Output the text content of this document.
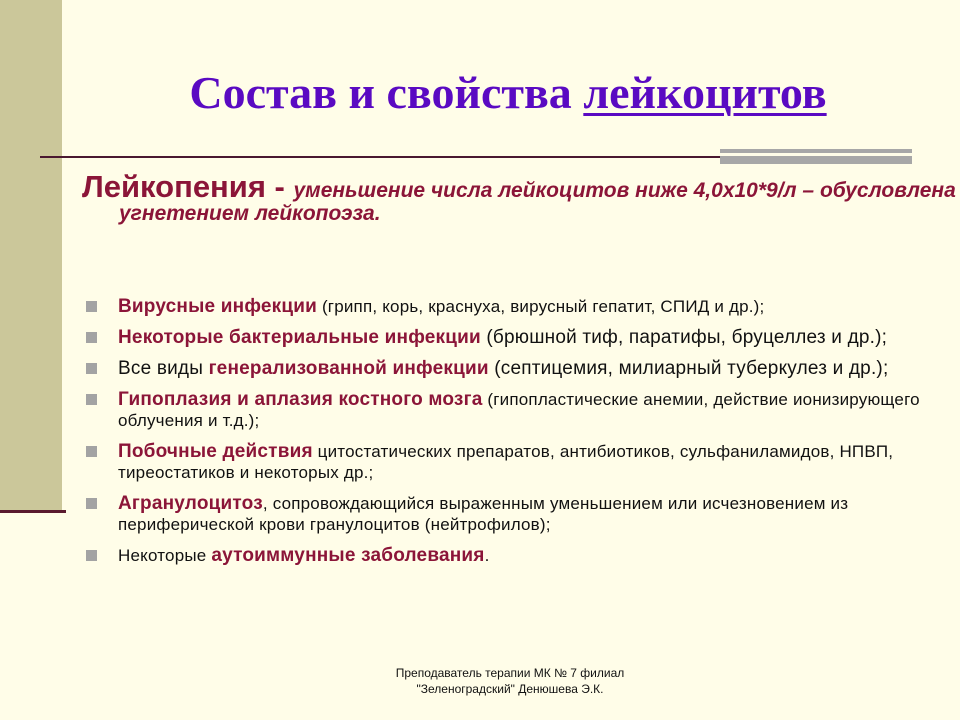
Состав и свойства лейкоцитов

Лейкопения - уменьшение числа лейкоцитов ниже 4,0х10*9/л – обусловлена угнетением лейкопоэза.

Вирусные инфекции (грипп, корь, краснуха, вирусный гепатит, СПИД и др.);
Некоторые бактериальные инфекции (брюшной тиф, паратифы, бруцеллез и др.);
Все виды генерализованной инфекции (септицемия, милиарный туберкулез и др.);
Гипоплазия и аплазия костного мозга (гипопластические анемии, действие ионизирующего облучения и т.д.);
Побочные действия цитостатических препаратов, антибиотиков, сульфаниламидов, НПВП, тиреостатиков и некоторых др.;
Агранулоцитоз, сопровождающийся выраженным уменьшением или исчезновением из периферической крови гранулоцитов (нейтрофилов);
Некоторые аутоиммунные заболевания.

Преподаватель терапии МК № 7 филиал
"Зеленоградский" Денюшева Э.К.
